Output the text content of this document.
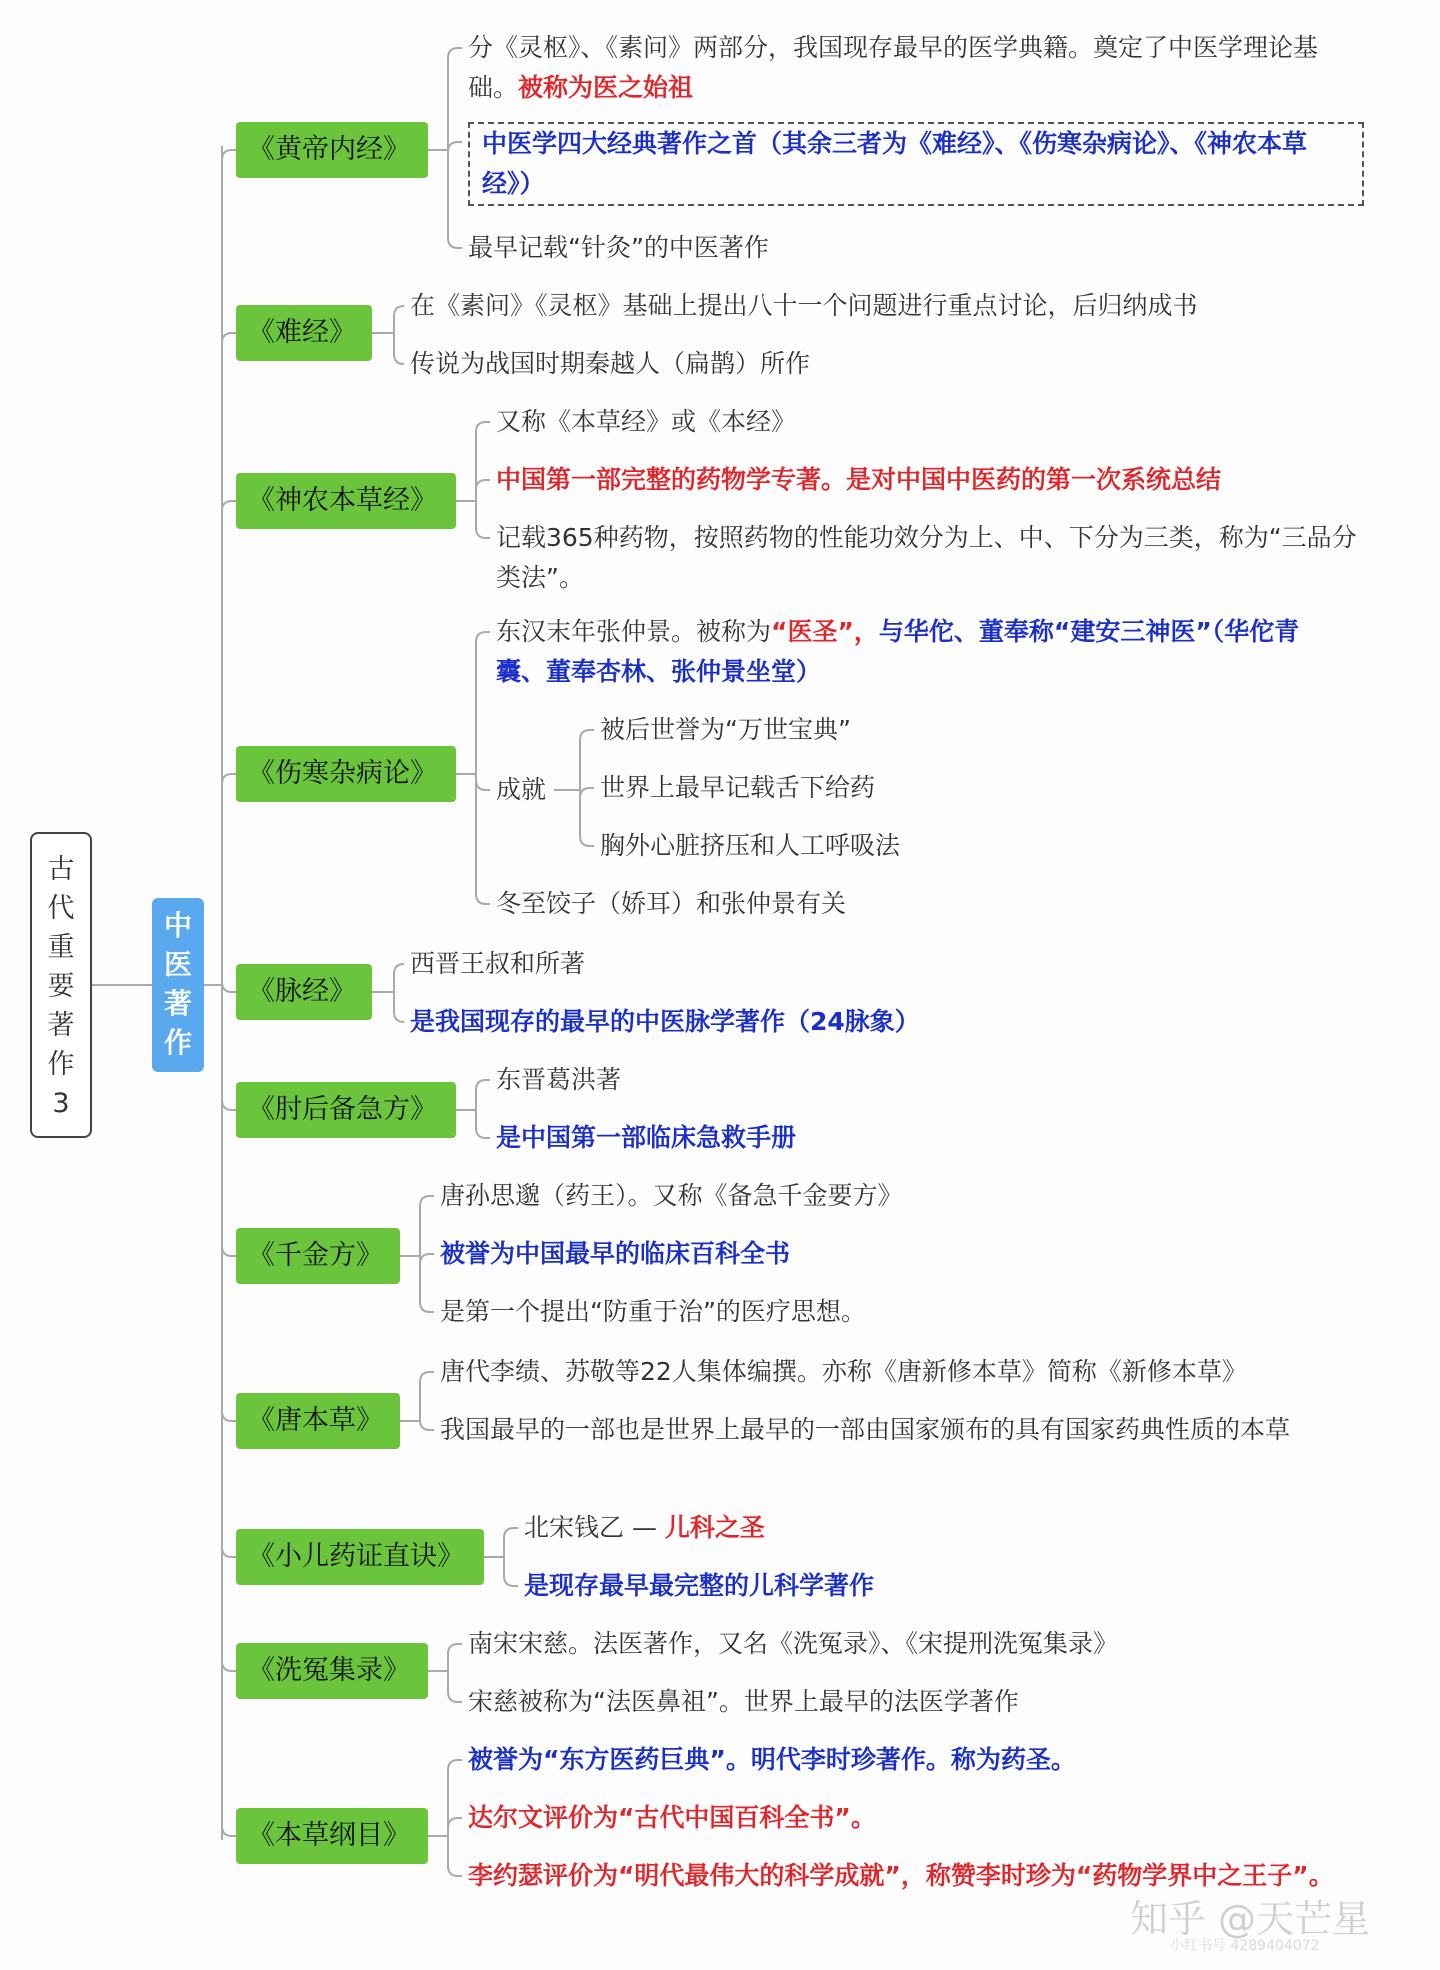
古
代
重
要
著
作
3
中
医
著
作
《黄帝内经》
分《灵枢》、《素问》两部分，我国现存最早的医学典籍。奠定了中医学理论基础。被称为医之始祖
中医学四大经典著作之首（其余三者为《难经》、《伤寒杂病论》、《神农本草经》）
最早记载“针灸”的中医著作
《难经》
在《素问》《灵枢》基础上提出八十一个问题进行重点讨论，后归纳成书
传说为战国时期秦越人（扁鹊）所作
《神农本草经》
又称《本草经》或《本经》
中国第一部完整的药物学专著。是对中国中医药的第一次系统总结
记载365种药物，按照药物的性能功效分为上、中、下分为三类，称为“三品分类法”。
《伤寒杂病论》
东汉末年张仲景。被称为“医圣”，与华佗、董奉称“建安三神医”（华佗青囊、董奉杏林、张仲景坐堂）
成就
被后世誉为“万世宝典”
世界上最早记载舌下给药
胸外心脏挤压和人工呼吸法
冬至饺子（娇耳）和张仲景有关
《脉经》
西晋王叔和所著
是我国现存的最早的中医脉学著作（24脉象）
《肘后备急方》
东晋葛洪著
是中国第一部临床急救手册
《千金方》
唐孙思邈（药王）。又称《备急千金要方》
被誉为中国最早的临床百科全书
是第一个提出“防重于治”的医疗思想。
《唐本草》
唐代李绩、苏敬等22人集体编撰。亦称《唐新修本草》简称《新修本草》
我国最早的一部也是世界上最早的一部由国家颁布的具有国家药典性质的本草
《小儿药证直诀》
北宋钱乙 — 儿科之圣
是现存最早最完整的儿科学著作
《洗冤集录》
南宋宋慈。法医著作，又名《洗冤录》、《宋提刑洗冤集录》
宋慈被称为“法医鼻祖”。世界上最早的法医学著作
《本草纲目》
被誉为“东方医药巨典”。明代李时珍著作。称为药圣。
达尔文评价为“古代中国百科全书”。
李约瑟评价为“明代最伟大的科学成就”，称赞李时珍为“药物学界中之王子”。
知乎 @天芒星
小红书号 4289404072
